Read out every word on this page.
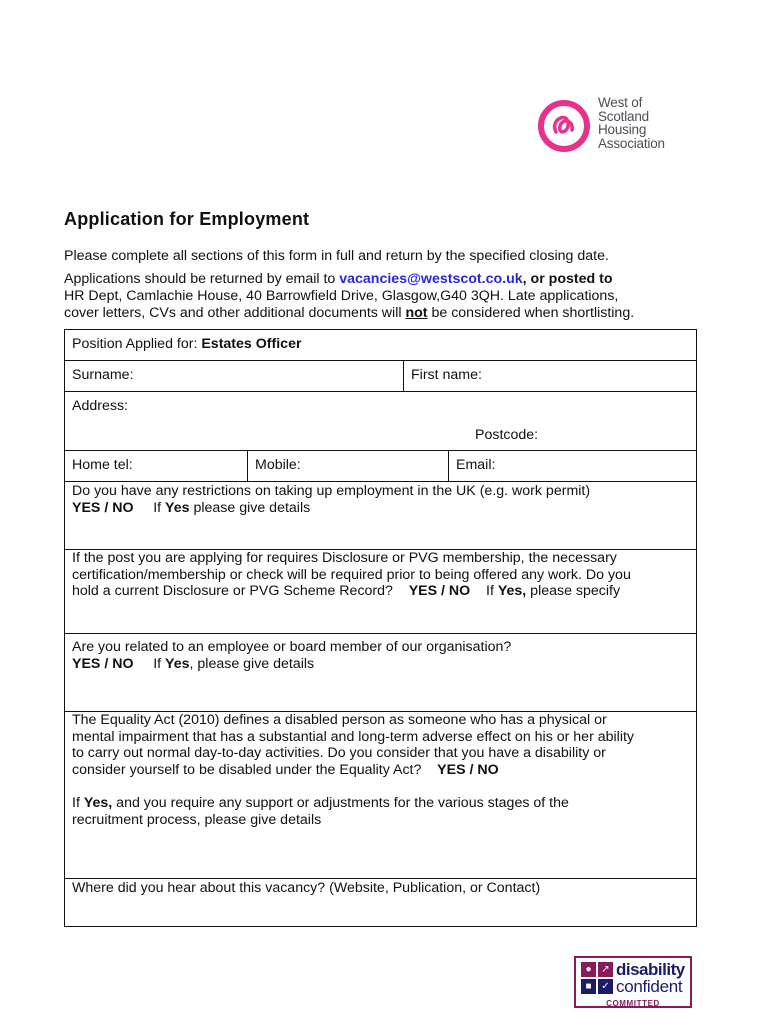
West of
Scotland
Housing
Association
Application for Employment
Please complete all sections of this form in full and return by the specified closing date.
Applications should be returned by email to vacancies@westscot.co.uk, or posted to
HR Dept, Camlachie House, 40 Barrowfield Drive, Glasgow,G40 3QH. Late applications,
cover letters, CVs and other additional documents will not be considered when shortlisting.
Position Applied for: Estates Officer
Surname:	First name:
Address:
Postcode:
Home tel:	Mobile:	Email:
Do you have any restrictions on taking up employment in the UK (e.g. work permit)
YES / NO If Yes please give details
If the post you are applying for requires Disclosure or PVG membership, the necessary
certification/membership or check will be required prior to being offered any work. Do you
hold a current Disclosure or PVG Scheme Record? YES / NO If Yes, please specify
Are you related to an employee or board member of our organisation?
YES / NO If Yes, please give details
The Equality Act (2010) defines a disabled person as someone who has a physical or
mental impairment that has a substantial and long-term adverse effect on his or her ability
to carry out normal day-to-day activities. Do you consider that you have a disability or
consider yourself to be disabled under the Equality Act? YES / NO
If Yes, and you require any support or adjustments for the various stages of the
recruitment process, please give details
Where did you hear about this vacancy? (Website, Publication, or Contact)
● ↗
■ ✓
disability
confident
COMMITTED
